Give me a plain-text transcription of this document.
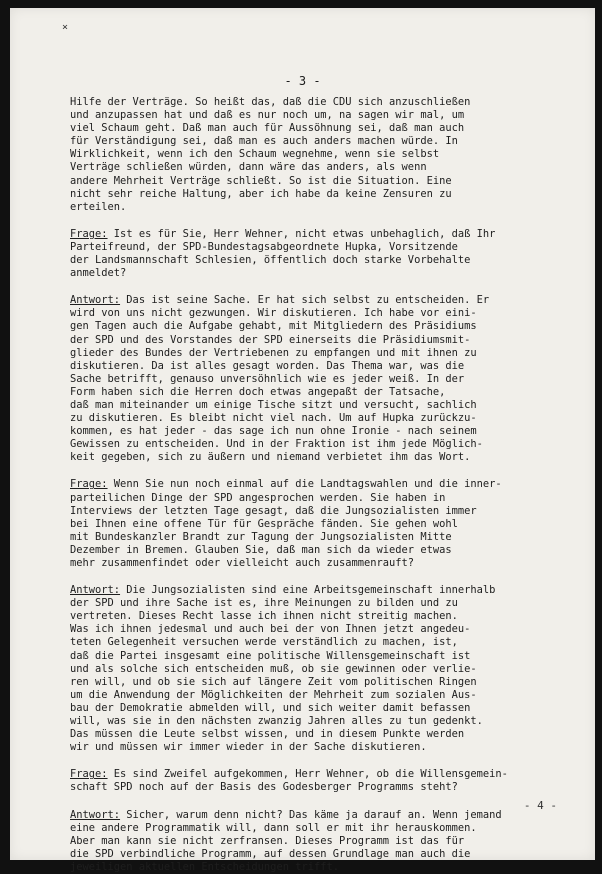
×
- 3 -
Hilfe der Verträge. So heißt das, daß die CDU sich anzuschließen
und anzupassen hat und daß es nur noch um, na sagen wir mal, um
viel Schaum geht. Daß man auch für Aussöhnung sei, daß man auch
für Verständigung sei, daß man es auch anders machen würde. In
Wirklichkeit, wenn ich den Schaum wegnehme, wenn sie selbst
Verträge schließen würden, dann wäre das anders, als wenn
andere Mehrheit Verträge schließt. So ist die Situation. Eine
nicht sehr reiche Haltung, aber ich habe da keine Zensuren zu
erteilen.
Frage: Ist es für Sie, Herr Wehner, nicht etwas unbehaglich, daß Ihr
Parteifreund, der SPD-Bundestagsabgeordnete Hupka, Vorsitzende
der Landsmannschaft Schlesien, öffentlich doch starke Vorbehalte
anmeldet?
Antwort: Das ist seine Sache. Er hat sich selbst zu entscheiden. Er
wird von uns nicht gezwungen. Wir diskutieren. Ich habe vor eini-
gen Tagen auch die Aufgabe gehabt, mit Mitgliedern des Präsidiums
der SPD und des Vorstandes der SPD einerseits die Präsidiumsmit-
glieder des Bundes der Vertriebenen zu empfangen und mit ihnen zu
diskutieren. Da ist alles gesagt worden. Das Thema war, was die
Sache betrifft, genauso unversöhnlich wie es jeder weiß. In der
Form haben sich die Herren doch etwas angepaßt der Tatsache,
daß man miteinander um einige Tische sitzt und versucht, sachlich
zu diskutieren. Es bleibt nicht viel nach. Um auf Hupka zurückzu-
kommen, es hat jeder - das sage ich nun ohne Ironie - nach seinem
Gewissen zu entscheiden. Und in der Fraktion ist ihm jede Möglich-
keit gegeben, sich zu äußern und niemand verbietet ihm das Wort.
Frage: Wenn Sie nun noch einmal auf die Landtagswahlen und die inner-
parteilichen Dinge der SPD angesprochen werden. Sie haben in
Interviews der letzten Tage gesagt, daß die Jungsozialisten immer
bei Ihnen eine offene Tür für Gespräche fänden. Sie gehen wohl
mit Bundeskanzler Brandt zur Tagung der Jungsozialisten Mitte
Dezember in Bremen. Glauben Sie, daß man sich da wieder etwas
mehr zusammenfindet oder vielleicht auch zusammenrauft?
Antwort: Die Jungsozialisten sind eine Arbeitsgemeinschaft innerhalb
der SPD und ihre Sache ist es, ihre Meinungen zu bilden und zu
vertreten. Dieses Recht lasse ich ihnen nicht streitig machen.
Was ich ihnen jedesmal und auch bei der von Ihnen jetzt angedeu-
teten Gelegenheit versuchen werde verständlich zu machen, ist,
daß die Partei insgesamt eine politische Willensgemeinschaft ist
und als solche sich entscheiden muß, ob sie gewinnen oder verlie-
ren will, und ob sie sich auf längere Zeit vom politischen Ringen
um die Anwendung der Möglichkeiten der Mehrheit zum sozialen Aus-
bau der Demokratie abmelden will, und sich weiter damit befassen
will, was sie in den nächsten zwanzig Jahren alles zu tun gedenkt.
Das müssen die Leute selbst wissen, und in diesem Punkte werden
wir und müssen wir immer wieder in der Sache diskutieren.
Frage: Es sind Zweifel aufgekommen, Herr Wehner, ob die Willensgemein-
schaft SPD noch auf der Basis des Godesberger Programms steht?
Antwort: Sicher, warum denn nicht? Das käme ja darauf an. Wenn jemand
eine andere Programmatik will, dann soll er mit ihr herauskommen.
Aber man kann sie nicht zerfransen. Dieses Programm ist das für
die SPD verbindliche Programm, auf dessen Grundlage man auch die
jeweiligen aktuellen Entscheidungen trifft.
- 4 -
